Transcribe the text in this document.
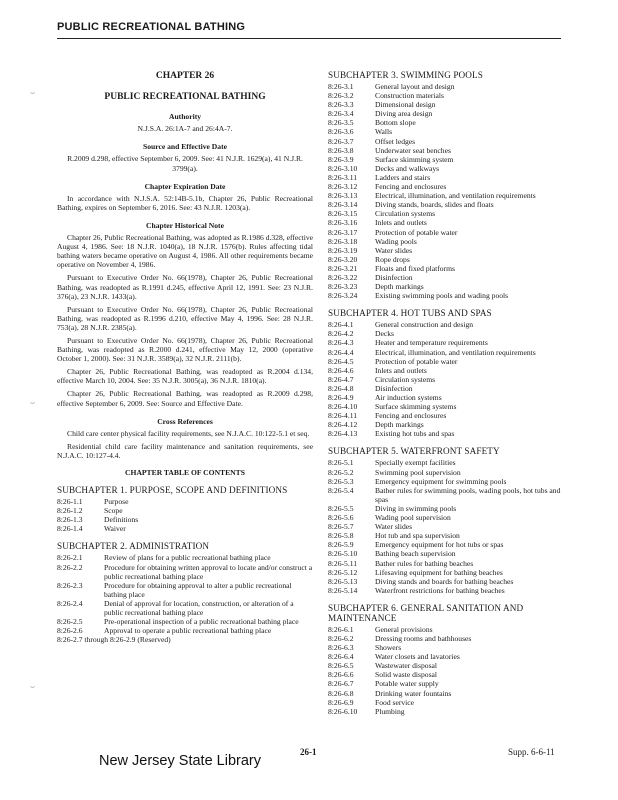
PUBLIC RECREATIONAL BATHING
CHAPTER 26
PUBLIC RECREATIONAL BATHING
Authority
N.J.S.A. 26:1A-7 and 26:4A-7.
Source and Effective Date
R.2009 d.298, effective September 6, 2009. See: 41 N.J.R. 1629(a), 41 N.J.R. 3799(a).
Chapter Expiration Date

In accordance with N.J.S.A. 52:14B-5.1b, Chapter 26, Public Recreational Bathing, expires on September 6, 2016. See: 43 N.J.R. 1203(a).

Chapter Historical Note

Chapter 26, Public Recreational Bathing, was adopted as R.1986 d.328, effective August 4, 1986. See: 18 N.J.R. 1040(a), 18 N.J.R. 1576(b). Rules affecting tidal bathing waters became operative on August 4, 1986. All other requirements became operative on November 4, 1986.

Pursuant to Executive Order No. 66(1978), Chapter 26, Public Recreational Bathing, was readopted as R.1991 d.245, effective April 12, 1991. See: 23 N.J.R. 376(a), 23 N.J.R. 1433(a).

Pursuant to Executive Order No. 66(1978), Chapter 26, Public Recreational Bathing, was readopted as R.1996 d.210, effective May 4, 1996. See: 28 N.J.R. 753(a), 28 N.J.R. 2385(a).

Pursuant to Executive Order No. 66(1978), Chapter 26, Public Recreational Bathing, was readopted as R.2000 d.241, effective May 12, 2000 (operative October 1, 2000). See: 31 N.J.R. 3589(a), 32 N.J.R. 2111(b).

Chapter 26, Public Recreational Bathing, was readopted as R.2004 d.134, effective March 10, 2004. See: 35 N.J.R. 3005(a), 36 N.J.R. 1810(a).

Chapter 26, Public Recreational Bathing, was readopted as R.2009 d.298, effective September 6, 2009. See: Source and Effective Date.

Cross References

Child care center physical facility requirements, see N.J.A.C. 10:122-5.1 et seq.

Residential child care facility maintenance and sanitation requirements, see N.J.A.C. 10:127-4.4.

CHAPTER TABLE OF CONTENTS
SUBCHAPTER 1. PURPOSE, SCOPE AND DEFINITIONS
8:26-1.1	Purpose
8:26-1.2	Scope
8:26-1.3	Definitions
8:26-1.4	Waiver
SUBCHAPTER 2. ADMINISTRATION
8:26-2.1	Review of plans for a public recreational bathing place
8:26-2.2	Procedure for obtaining written approval to locate and/or construct a public recreational bathing place
8:26-2.3	Procedure for obtaining approval to alter a public recreational bathing place
8:26-2.4	Denial of approval for location, construction, or alteration of a public recreational bathing place
8:26-2.5	Pre-operational inspection of a public recreational bathing place
8:26-2.6	Approval to operate a public recreational bathing place
8:26-2.7 through 8:26-2.9 (Reserved)
SUBCHAPTER 3. SWIMMING POOLS
8:26-3.1	General layout and design
8:26-3.2	Construction materials
8:26-3.3	Dimensional design
8:26-3.4	Diving area design
8:26-3.5	Bottom slope
8:26-3.6	Walls
8:26-3.7	Offset ledges
8:26-3.8	Underwater seat benches
8:26-3.9	Surface skimming system
8:26-3.10	Decks and walkways
8:26-3.11	Ladders and stairs
8:26-3.12	Fencing and enclosures
8:26-3.13	Electrical, illumination, and ventilation requirements
8:26-3.14	Diving stands, boards, slides and floats
8:26-3.15	Circulation systems
8:26-3.16	Inlets and outlets
8:26-3.17	Protection of potable water
8:26-3.18	Wading pools
8:26-3.19	Water slides
8:26-3.20	Rope drops
8:26-3.21	Floats and fixed platforms
8:26-3.22	Disinfection
8:26-3.23	Depth markings
8:26-3.24	Existing swimming pools and wading pools
SUBCHAPTER 4. HOT TUBS AND SPAS
8:26-4.1	General construction and design
8:26-4.2	Decks
8:26-4.3	Heater and temperature requirements
8:26-4.4	Electrical, illumination, and ventilation requirements
8:26-4.5	Protection of potable water
8:26-4.6	Inlets and outlets
8:26-4.7	Circulation systems
8:26-4.8	Disinfection
8:26-4.9	Air induction systems
8:26-4.10	Surface skimming systems
8:26-4.11	Fencing and enclosures
8:26-4.12	Depth markings
8:26-4.13	Existing hot tubs and spas
SUBCHAPTER 5. WATERFRONT SAFETY
8:26-5.1	Specially exempt facilities
8:26-5.2	Swimming pool supervision
8:26-5.3	Emergency equipment for swimming pools
8:26-5.4	Bather rules for swimming pools, wading pools, hot tubs and spas
8:26-5.5	Diving in swimming pools
8:26-5.6	Wading pool supervision
8:26-5.7	Water slides
8:26-5.8	Hot tub and spa supervision
8:26-5.9	Emergency equipment for hot tubs or spas
8:26-5.10	Bathing beach supervision
8:26-5.11	Bather rules for bathing beaches
8:26-5.12	Lifesaving equipment for bathing beaches
8:26-5.13	Diving stands and boards for bathing beaches
8:26-5.14	Waterfront restrictions for bathing beaches
SUBCHAPTER 6. GENERAL SANITATION AND MAINTENANCE
8:26-6.1	General provisions
8:26-6.2	Dressing rooms and bathhouses
8:26-6.3	Showers
8:26-6.4	Water closets and lavatories
8:26-6.5	Wastewater disposal
8:26-6.6	Solid waste disposal
8:26-6.7	Potable water supply
8:26-6.8	Drinking water fountains
8:26-6.9	Food service
8:26-6.10	Plumbing
New Jersey State Library
26-1	Supp. 6-6-11
⌣
⌣
⌣
